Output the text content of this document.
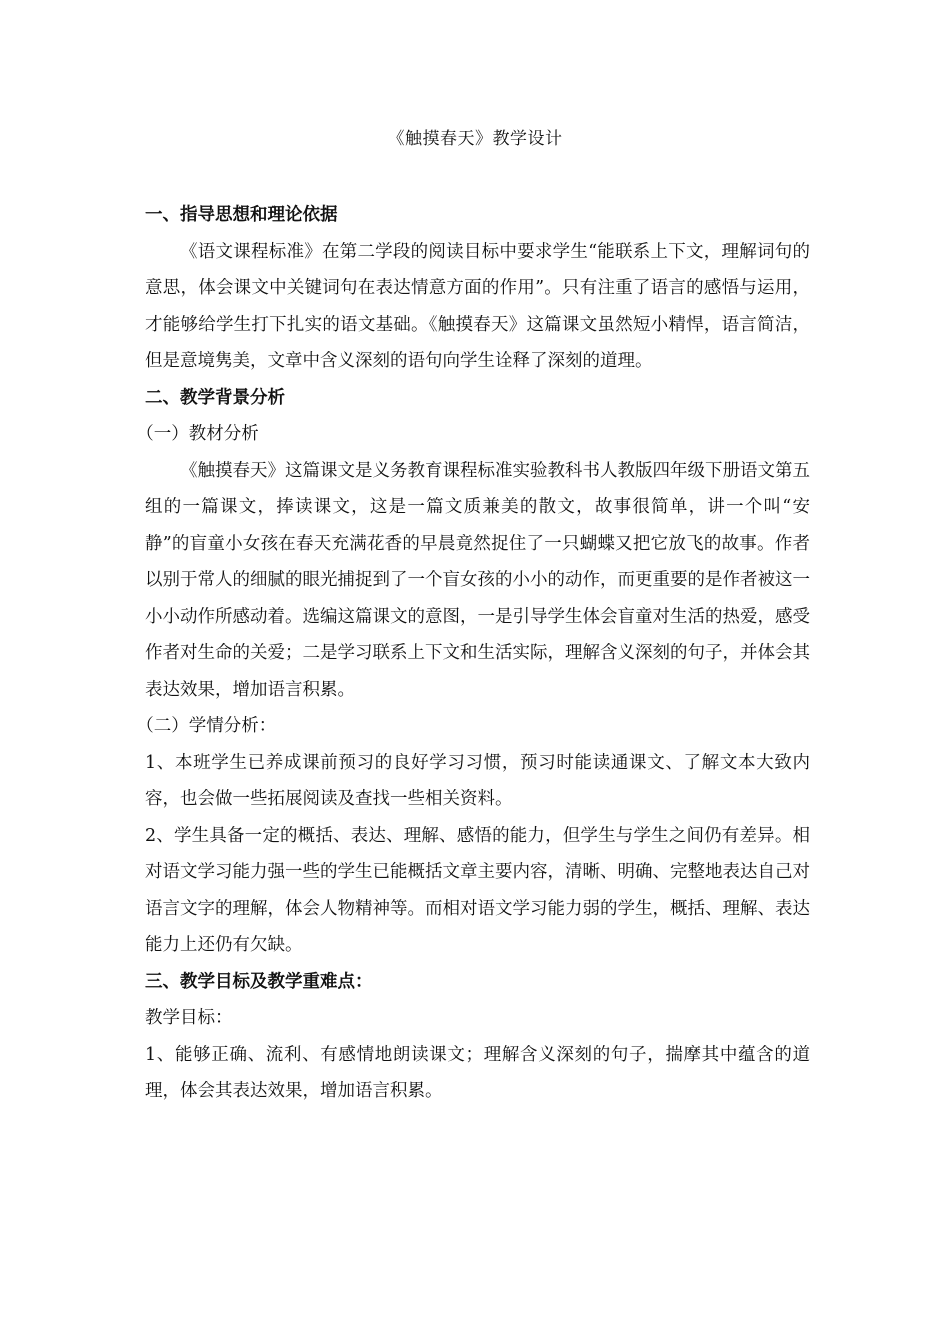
《触摸春天》教学设计

一、指导思想和理论依据

《语文课程标准》在第二学段的阅读目标中要求学生“能联系上下文，理解词句的意思，体会课文中关键词句在表达情意方面的作用”。只有注重了语言的感悟与运用，才能够给学生打下扎实的语文基础。《触摸春天》这篇课文虽然短小精悍，语言简洁，但是意境隽美，文章中含义深刻的语句向学生诠释了深刻的道理。

二、教学背景分析

（一）教材分析

《触摸春天》这篇课文是义务教育课程标准实验教科书人教版四年级下册语文第五组的一篇课文，捧读课文，这是一篇文质兼美的散文，故事很简单，讲一个叫“安静”的盲童小女孩在春天充满花香的早晨竟然捉住了一只蝴蝶又把它放飞的故事。作者以别于常人的细腻的眼光捕捉到了一个盲女孩的小小的动作，而更重要的是作者被这一小小动作所感动着。选编这篇课文的意图，一是引导学生体会盲童对生活的热爱，感受作者对生命的关爱；二是学习联系上下文和生活实际，理解含义深刻的句子，并体会其表达效果，增加语言积累。

（二）学情分析：

1、本班学生已养成课前预习的良好学习习惯，预习时能读通课文、了解文本大致内容，也会做一些拓展阅读及查找一些相关资料。

2、学生具备一定的概括、表达、理解、感悟的能力，但学生与学生之间仍有差异。相对语文学习能力强一些的学生已能概括文章主要内容，清晰、明确、完整地表达自己对语言文字的理解，体会人物精神等。而相对语文学习能力弱的学生，概括、理解、表达能力上还仍有欠缺。

三、教学目标及教学重难点：

教学目标：

1、能够正确、流利、有感情地朗读课文；理解含义深刻的句子，揣摩其中蕴含的道理，体会其表达效果，增加语言积累。
